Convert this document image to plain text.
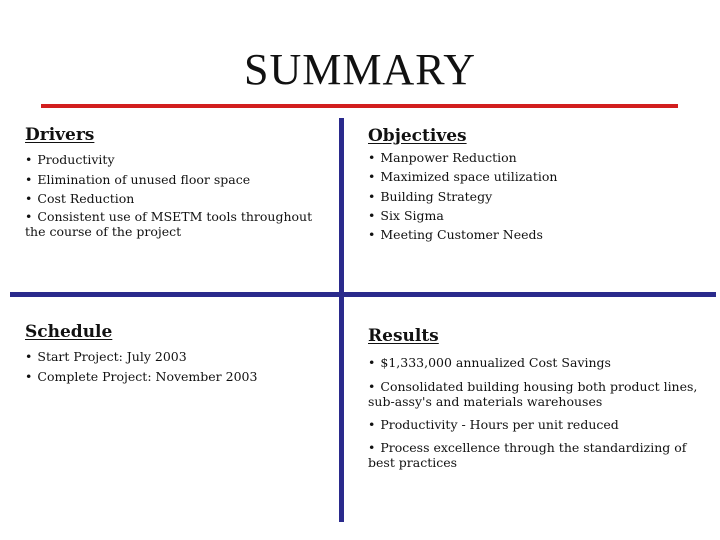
SUMMARY
Drivers
• Productivity
• Elimination of unused floor space
• Cost Reduction
• Consistent use of MSETM tools throughout the course of the project
Objectives
• Manpower Reduction
• Maximized space utilization
• Building Strategy
• Six Sigma
• Meeting Customer Needs
Schedule
• Start Project: July 2003
• Complete Project: November 2003
Results
• $1,333,000 annualized Cost Savings
• Consolidated building housing both product lines, sub-assy's and materials warehouses
• Productivity - Hours per unit reduced
• Process excellence through the standardizing of best practices
